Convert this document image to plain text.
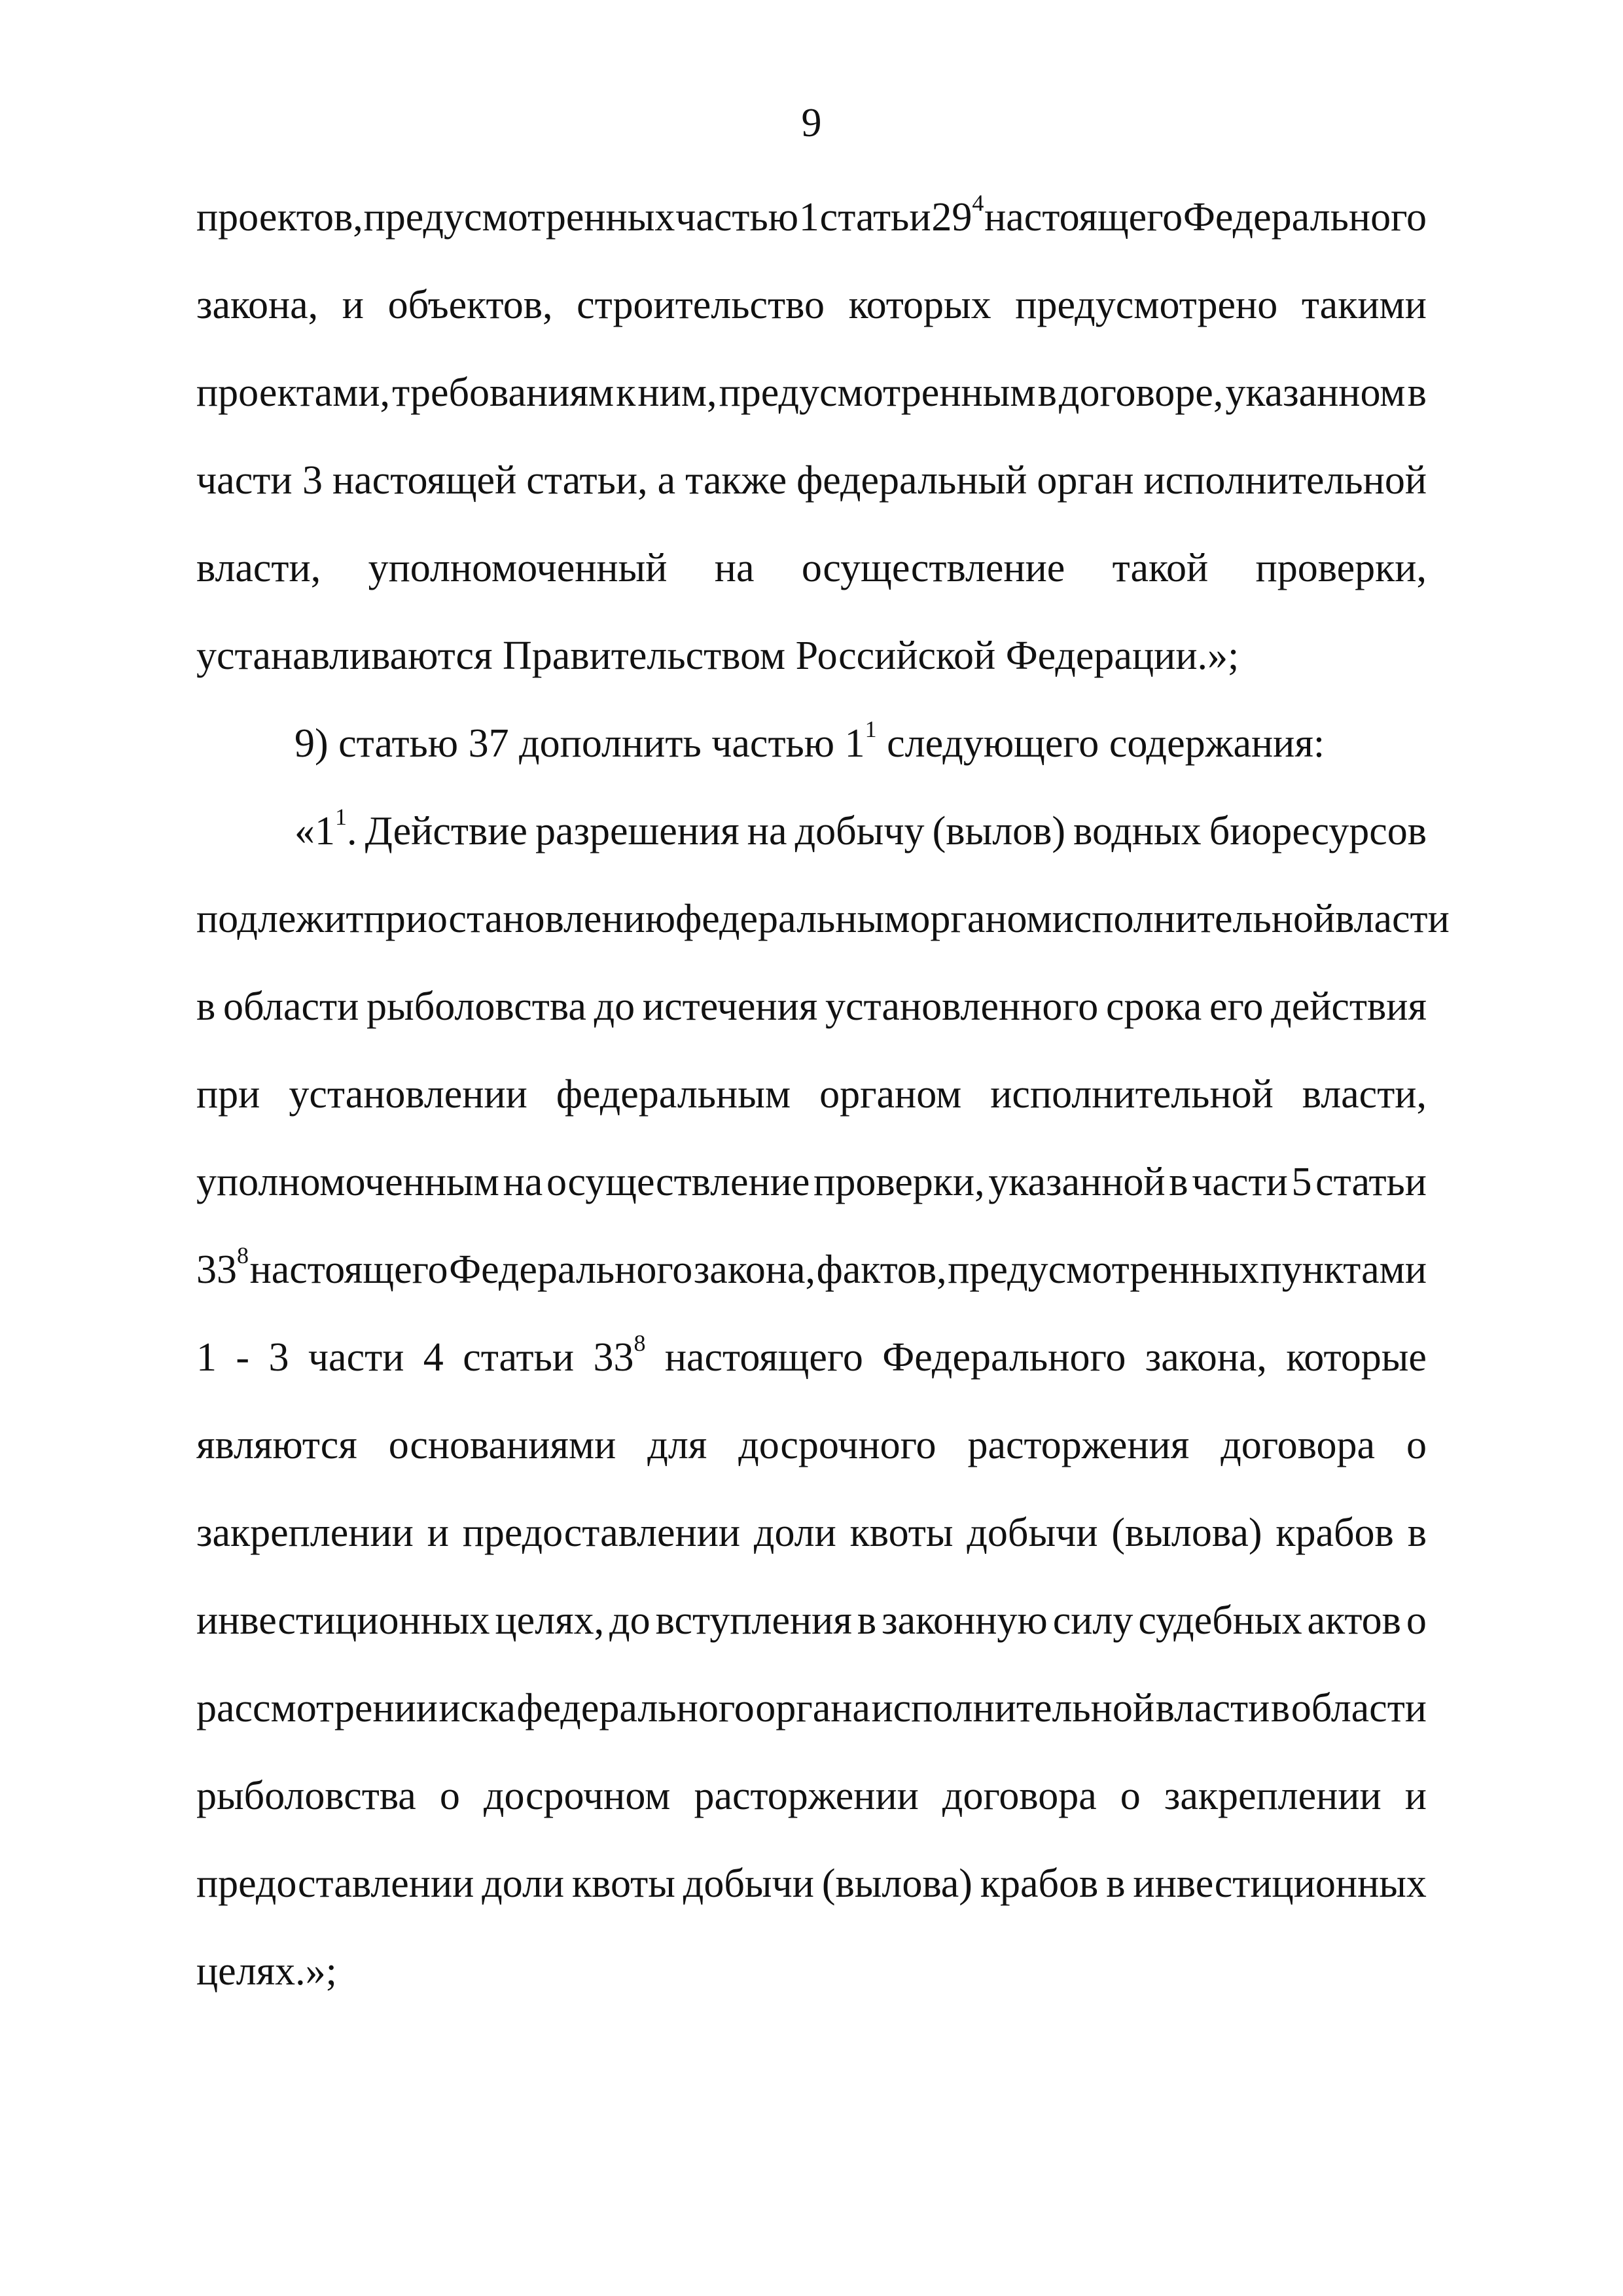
9
проектов, предусмотренных частью 1 статьи $29^4$ настоящего Федерального
закона, и объектов, строительство которых предусмотрено такими
проектами, требованиям к ним, предусмотренным в договоре, указанном в
части 3 настоящей статьи, а также федеральный орган исполнительной
власти, уполномоченный на осуществление такой проверки,
устанавливаются Правительством Российской Федерации.»;
9) статью 37 дополнить частью $1^1$ следующего содержания:
«$1^1$. Действие разрешения на добычу (вылов) водных биоресурсов
подлежит приостановлению федеральным органом исполнительной власти
в области рыболовства до истечения установленного срока его действия
при установлении федеральным органом исполнительной власти,
уполномоченным на осуществление проверки, указанной в части 5 статьи
$33^8$ настоящего Федерального закона, фактов, предусмотренных пунктами
1 - 3 части 4 статьи $33^8$ настоящего Федерального закона, которые
являются основаниями для досрочного расторжения договора о
закреплении и предоставлении доли квоты добычи (вылова) крабов в
инвестиционных целях, до вступления в законную силу судебных актов о
рассмотрении иска федерального органа исполнительной власти в области
рыболовства о досрочном расторжении договора о закреплении и
предоставлении доли квоты добычи (вылова) крабов в инвестиционных
целях.»;
